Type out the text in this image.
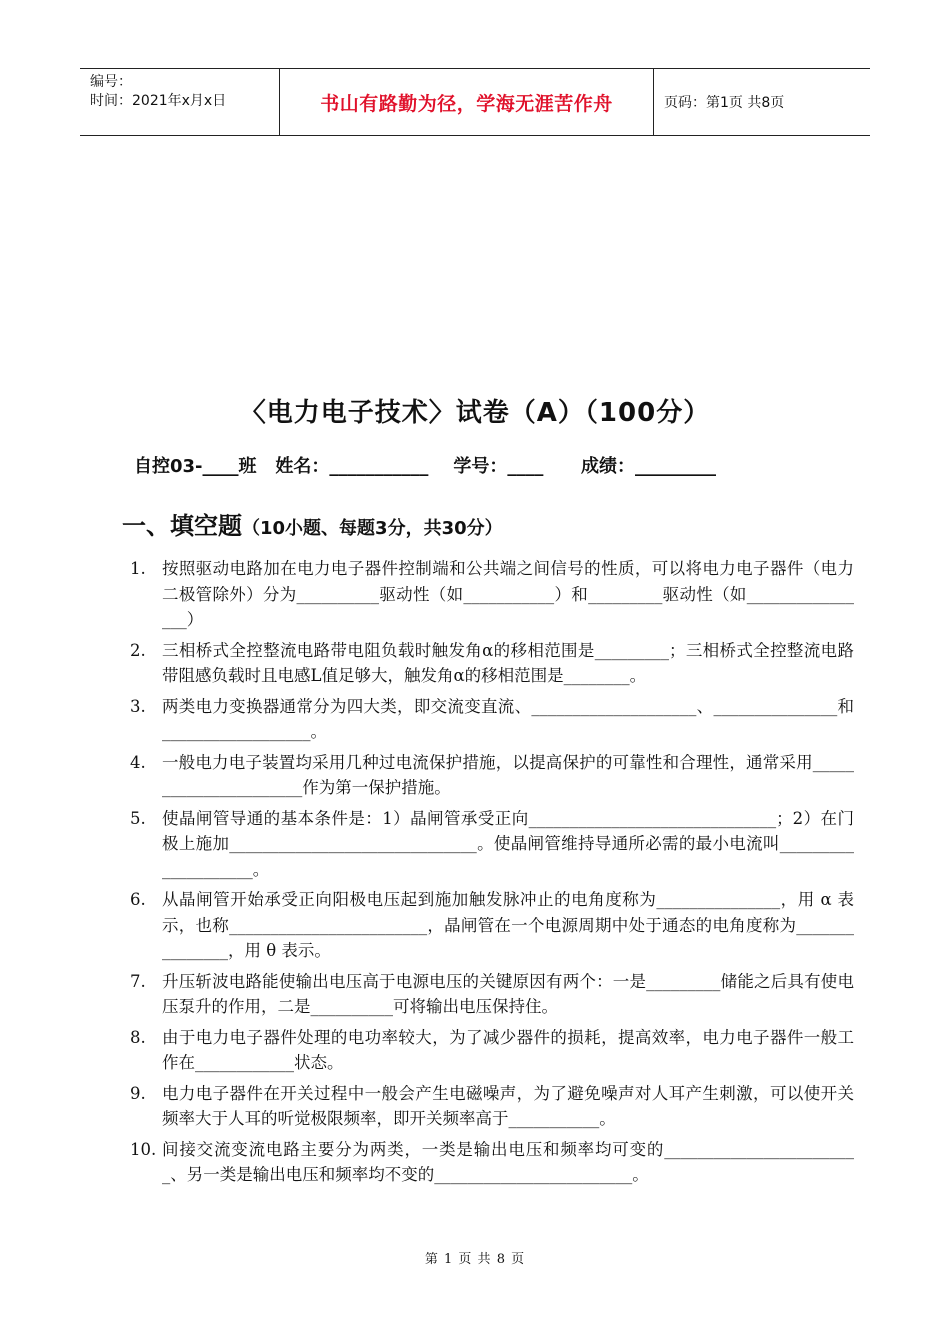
编号：
时间：2021年x月x日	书山有路勤为径，学海无涯苦作舟	页码：第1页 共8页
〈电力电子技术〉试卷（A）（100分）
自控03-____班   姓名：___________    学号：____      成绩：_________
一、填空题（10小题、每题3分，共30分）
1. 按照驱动电路加在电力电子器件控制端和公共端之间信号的性质，可以将电力电子器件（电力二极管除外）分为__________驱动性（如___________）和_________驱动性（如________________）
2. 三相桥式全控整流电路带电阻负载时触发角α的移相范围是_________；三相桥式全控整流电路带阻感负载时且电感L值足够大，触发角α的移相范围是________。
3. 两类电力变换器通常分为四大类，即交流变直流、____________________、_______________和__________________。
4. 一般电力电子装置均采用几种过电流保护措施，以提高保护的可靠性和合理性，通常采用______________________作为第一保护措施。
5. 使晶闸管导通的基本条件是：1）晶闸管承受正向______________________________；2）在门极上施加______________________________。使晶闸管维持导通所必需的最小电流叫____________________。
6. 从晶闸管开始承受正向阳极电压起到施加触发脉冲止的电角度称为_______________，用 α 表示，也称________________________，晶闸管在一个电源周期中处于通态的电角度称为_______________，用 θ 表示。
7. 升压斩波电路能使输出电压高于电源电压的关键原因有两个：一是_________储能之后具有使电压泵升的作用，二是__________可将输出电压保持住。
8. 由于电力电子器件处理的电功率较大，为了减少器件的损耗，提高效率，电力电子器件一般工作在____________状态。
9. 电力电子器件在开关过程中一般会产生电磁噪声，为了避免噪声对人耳产生刺激，可以使开关频率大于人耳的听觉极限频率，即开关频率高于___________。
10. 间接交流变流电路主要分为两类，一类是输出电压和频率均可变的________________________、另一类是输出电压和频率均不变的________________________。
第 1 页 共 8 页
